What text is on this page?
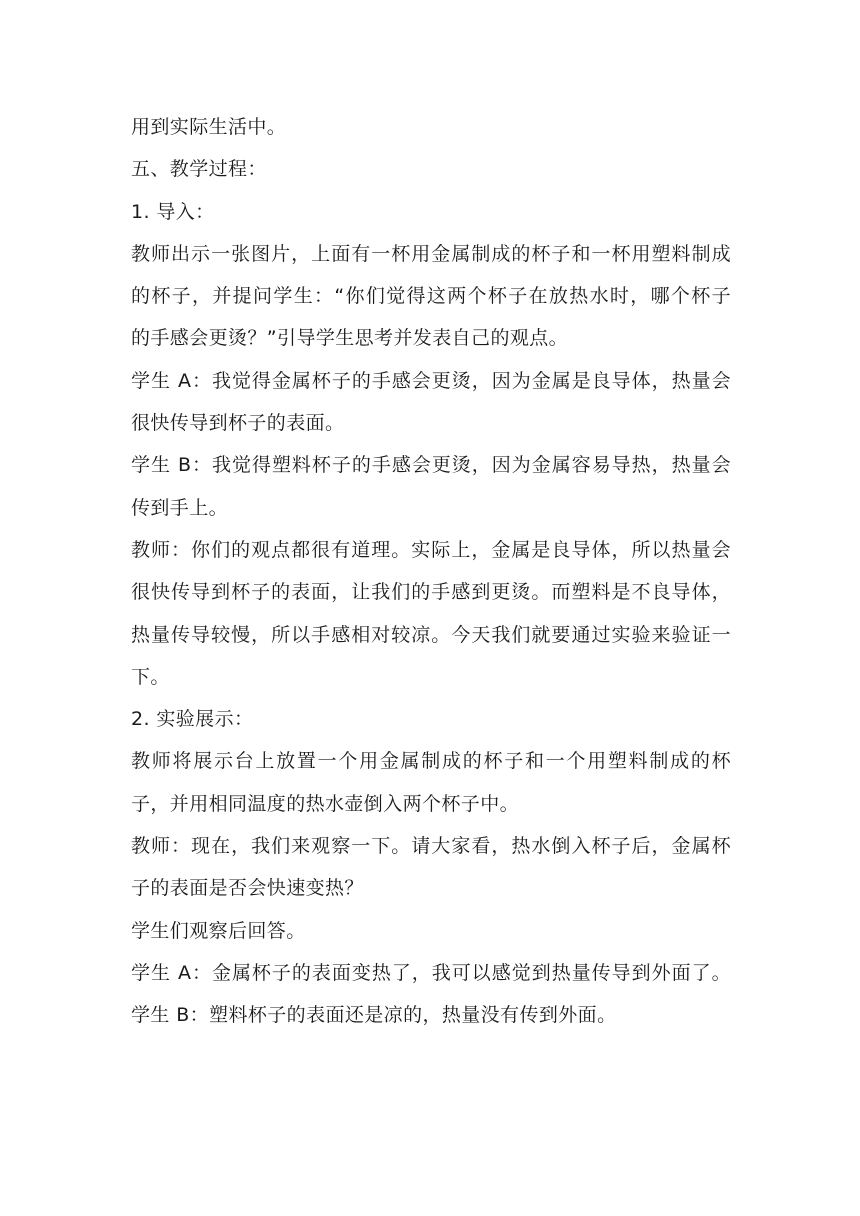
用到实际生活中。

五、教学过程：

1. 导入：

教师出示一张图片，上面有一杯用金属制成的杯子和一杯用塑料制成
的杯子，并提问学生：“你们觉得这两个杯子在放热水时，哪个杯子
的手感会更烫？”引导学生思考并发表自己的观点。

学生 A：我觉得金属杯子的手感会更烫，因为金属是良导体，热量会
很快传导到杯子的表面。

学生 B：我觉得塑料杯子的手感会更烫，因为金属容易导热，热量会
传到手上。

教师：你们的观点都很有道理。实际上，金属是良导体，所以热量会
很快传导到杯子的表面，让我们的手感到更烫。而塑料是不良导体，
热量传导较慢，所以手感相对较凉。今天我们就要通过实验来验证一
下。

2. 实验展示：

教师将展示台上放置一个用金属制成的杯子和一个用塑料制成的杯
子，并用相同温度的热水壶倒入两个杯子中。

教师：现在，我们来观察一下。请大家看，热水倒入杯子后，金属杯
子的表面是否会快速变热？

学生们观察后回答。

学生 A：金属杯子的表面变热了，我可以感觉到热量传导到外面了。

学生 B：塑料杯子的表面还是凉的，热量没有传到外面。
